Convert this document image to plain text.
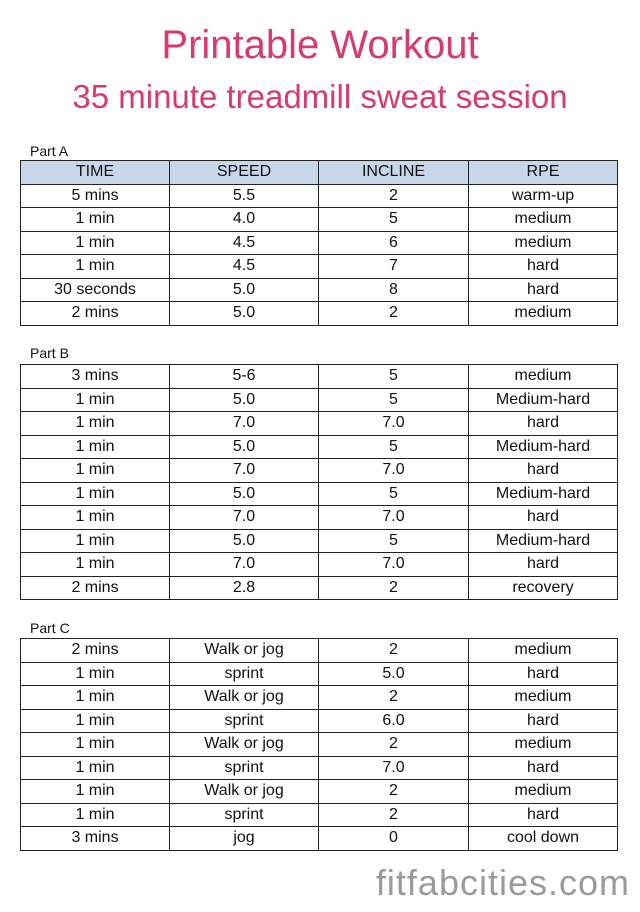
Printable Workout
35 minute treadmill sweat session
Part A
TIME	SPEED	INCLINE	RPE
5 mins	5.5	2	warm-up
1 min	4.0	5	medium
1 min	4.5	6	medium
1 min	4.5	7	hard
30 seconds	5.0	8	hard
2 mins	5.0	2	medium
Part B
3 mins	5-6	5	medium
1 min	5.0	5	Medium-hard
1 min	7.0	7.0	hard
1 min	5.0	5	Medium-hard
1 min	7.0	7.0	hard
1 min	5.0	5	Medium-hard
1 min	7.0	7.0	hard
1 min	5.0	5	Medium-hard
1 min	7.0	7.0	hard
2 mins	2.8	2	recovery
Part C
2 mins	Walk or jog	2	medium
1 min	sprint	5.0	hard
1 min	Walk or jog	2	medium
1 min	sprint	6.0	hard
1 min	Walk or jog	2	medium
1 min	sprint	7.0	hard
1 min	Walk or jog	2	medium
1 min	sprint	2	hard
3 mins	jog	0	cool down
fitfabcities.com
